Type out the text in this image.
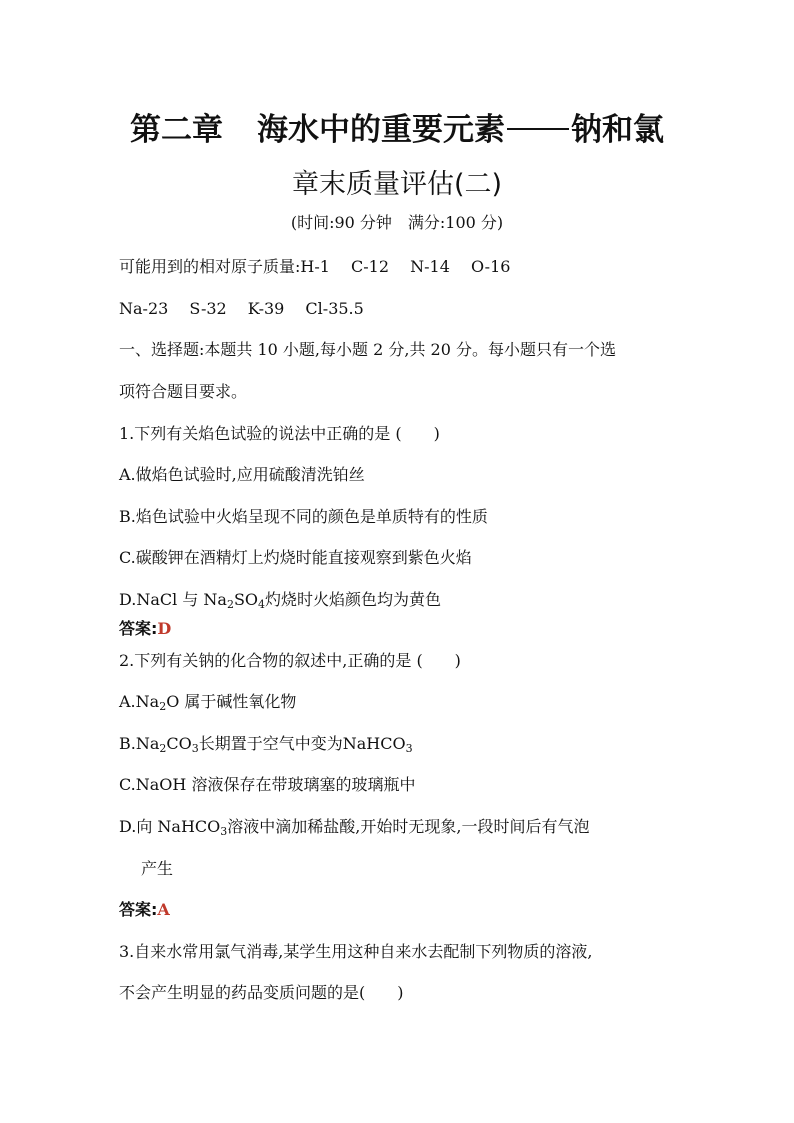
第二章 海水中的重要元素 钠和氯
章末质量评估(二)
(时间:90 分钟　满分:100 分)
可能用到的相对原子质量:H-1　 C-12　 N-14　 O-16
Na-23　 S-32　 K-39　 Cl-35.5
一、选择题:本题共 10 小题,每小题 2 分,共 20 分。每小题只有一个选
项符合题目要求。
1.下列有关焰色试验的说法中正确的是 (　　)
A.做焰色试验时,应用硫酸清洗铂丝
B.焰色试验中火焰呈现不同的颜色是单质特有的性质
C.碳酸钾在酒精灯上灼烧时能直接观察到紫色火焰
D.NaCl 与 $Na_2SO_4$灼烧时火焰颜色均为黄色
答案:D
2.下列有关钠的化合物的叙述中,正确的是 (　　)
$A.Na_2O$ 属于碱性氧化物
$B.Na_2CO_3$长期置于空气中变为NaHCO$_3$
C.NaOH 溶液保存在带玻璃塞的玻璃瓶中
D.向 NaHCO$_3$溶液中滴加稀盐酸,开始时无现象,一段时间后有气泡
产生
答案:A
3.自来水常用氯气消毒,某学生用这种自来水去配制下列物质的溶液,
不会产生明显的药品变质问题的是(　　)
